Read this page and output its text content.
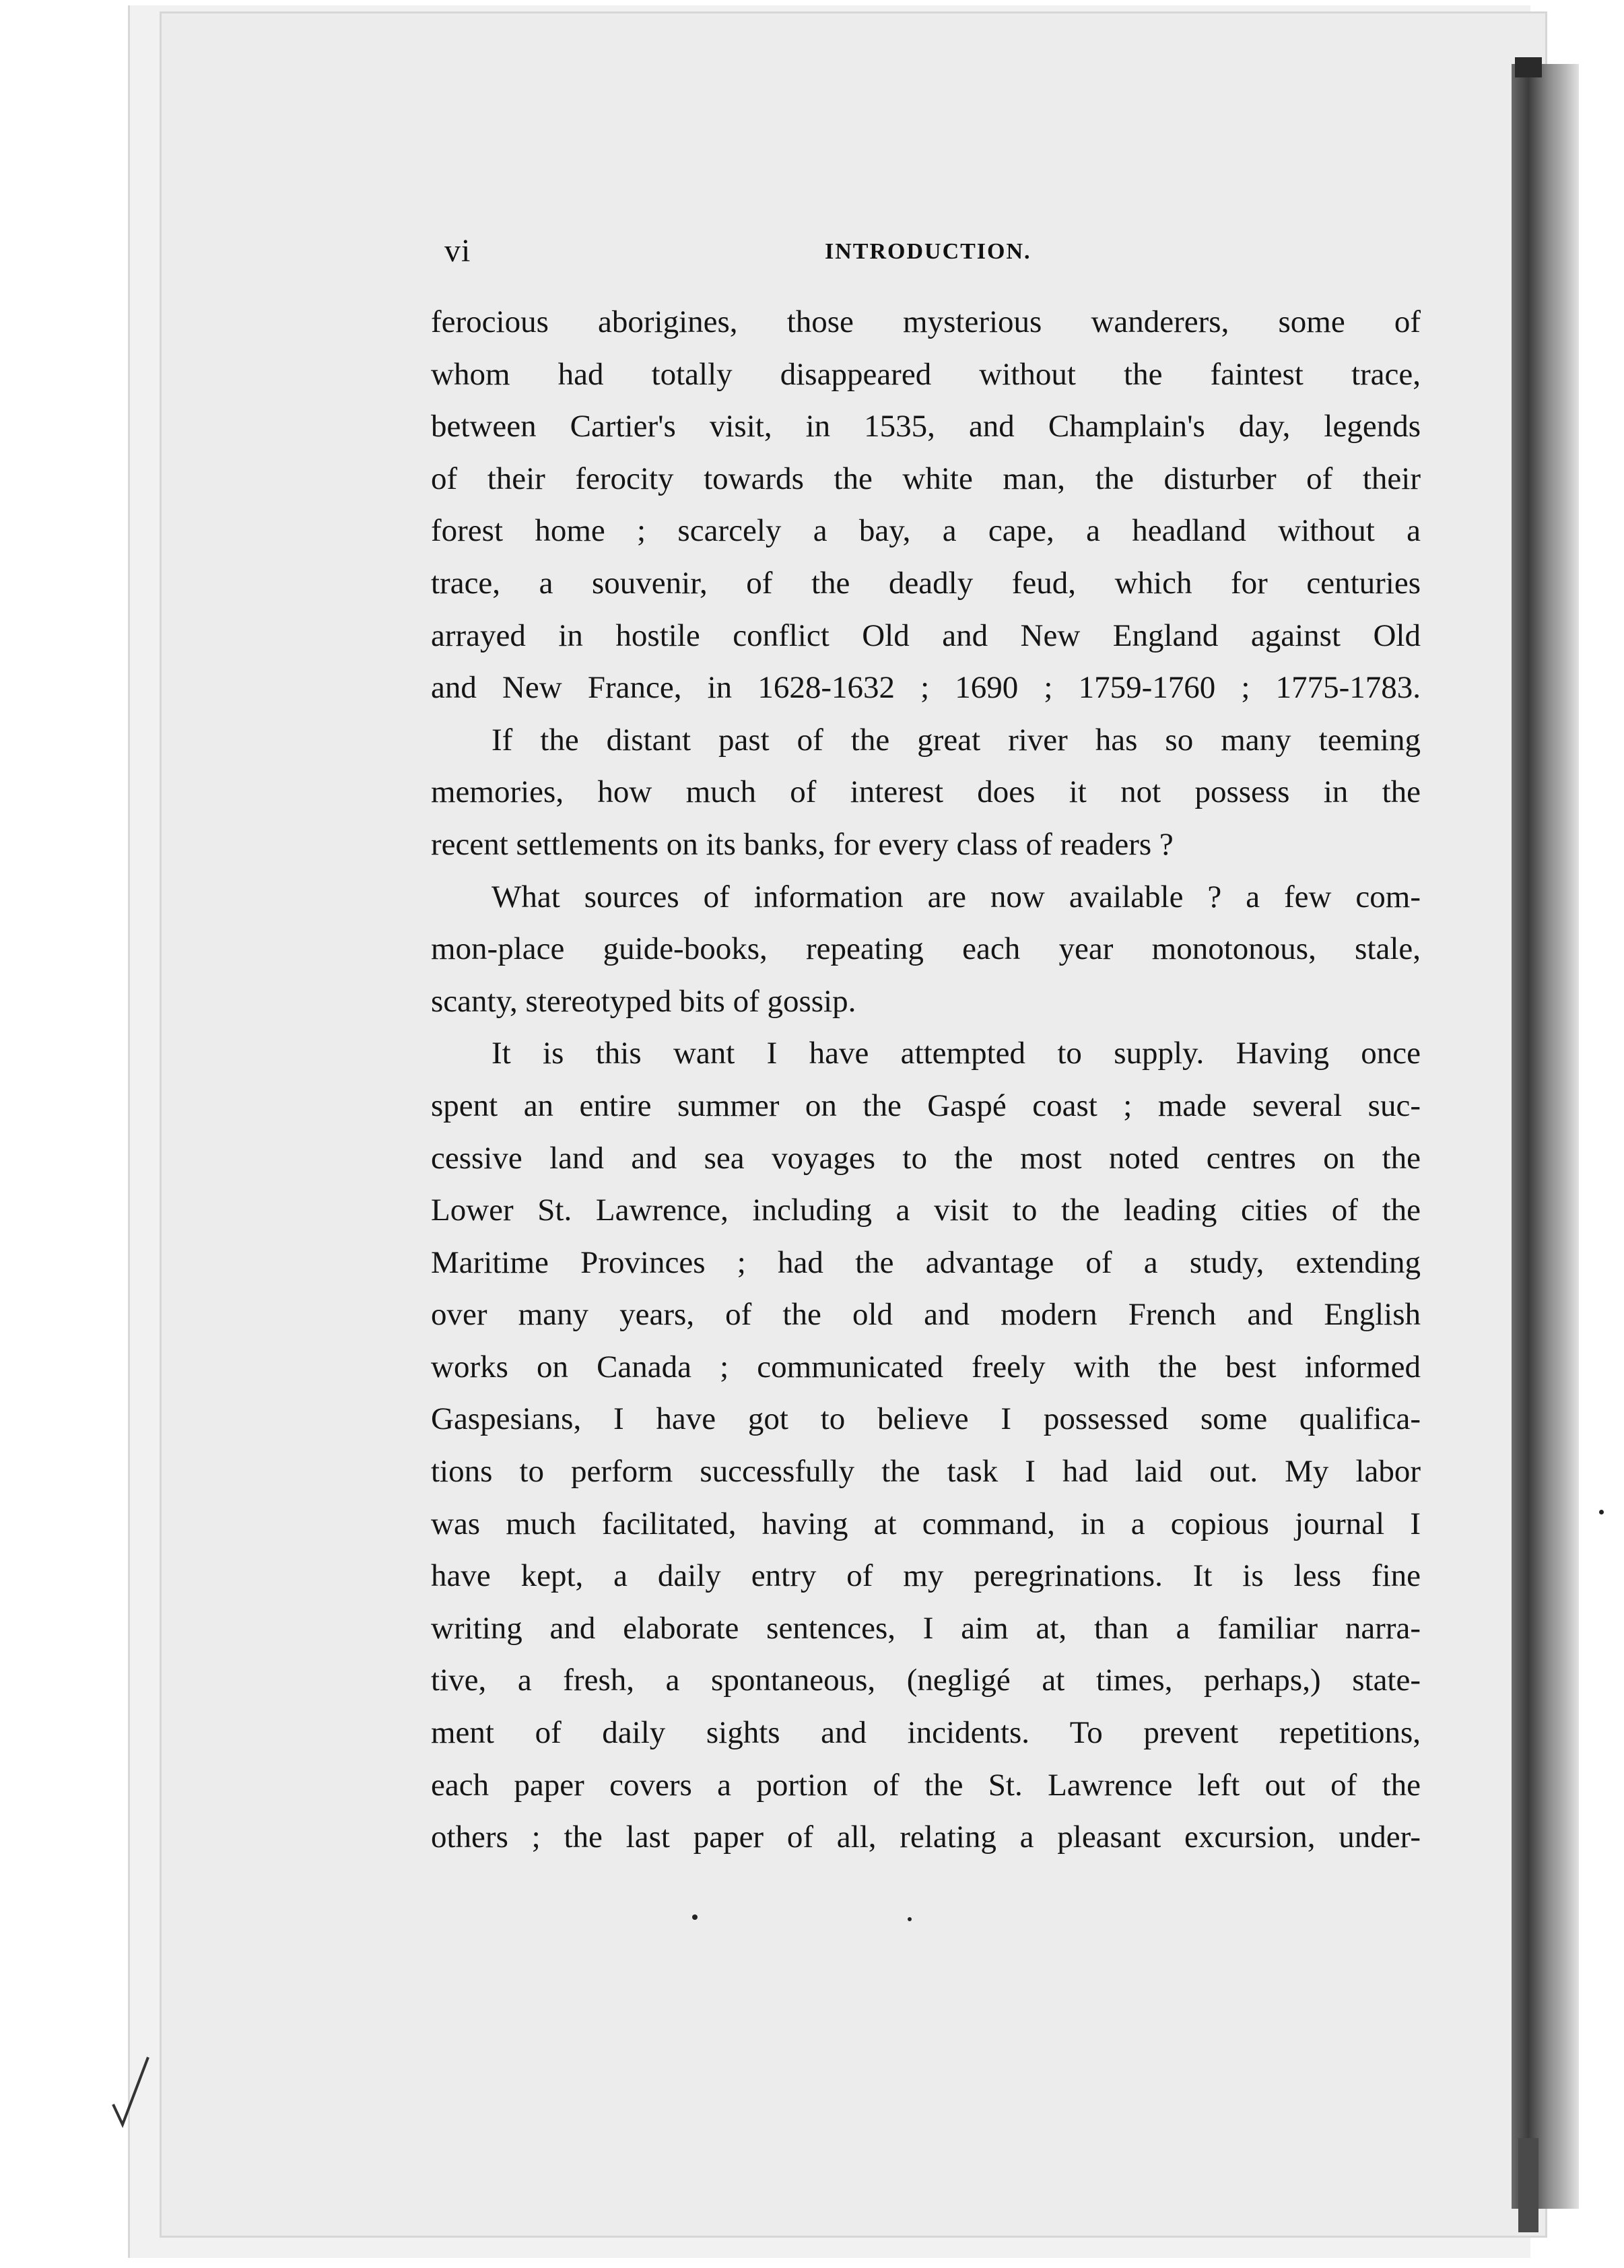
vi	INTRODUCTION.
ferocious aborigines, those mysterious wanderers, some of
whom had totally disappeared without the faintest trace,
between Cartier's visit, in 1535, and Champlain's day, legends
of their ferocity towards the white man, the disturber of their
forest home ; scarcely a bay, a cape, a headland without a
trace, a souvenir, of the deadly feud, which for centuries
arrayed in hostile conflict Old and New England against Old
and New France, in 1628-1632 ; 1690 ; 1759-1760 ; 1775-1783.
If the distant past of the great river has so many teeming
memories, how much of interest does it not possess in the
recent settlements on its banks, for every class of readers ?
What sources of information are now available ? a few com-
mon-place guide-books, repeating each year monotonous, stale,
scanty, stereotyped bits of gossip.
It is this want I have attempted to supply. Having once
spent an entire summer on the Gaspé coast ; made several suc-
cessive land and sea voyages to the most noted centres on the
Lower St. Lawrence, including a visit to the leading cities of the
Maritime Provinces ; had the advantage of a study, extending
over many years, of the old and modern French and English
works on Canada ; communicated freely with the best informed
Gaspesians, I have got to believe I possessed some qualifica-
tions to perform successfully the task I had laid out. My labor
was much facilitated, having at command, in a copious journal I
have kept, a daily entry of my peregrinations. It is less fine
writing and elaborate sentences, I aim at, than a familiar narra-
tive, a fresh, a spontaneous, (negligé at times, perhaps,) state-
ment of daily sights and incidents. To prevent repetitions,
each paper covers a portion of the St. Lawrence left out of the
others ; the last paper of all, relating a pleasant excursion, under-
